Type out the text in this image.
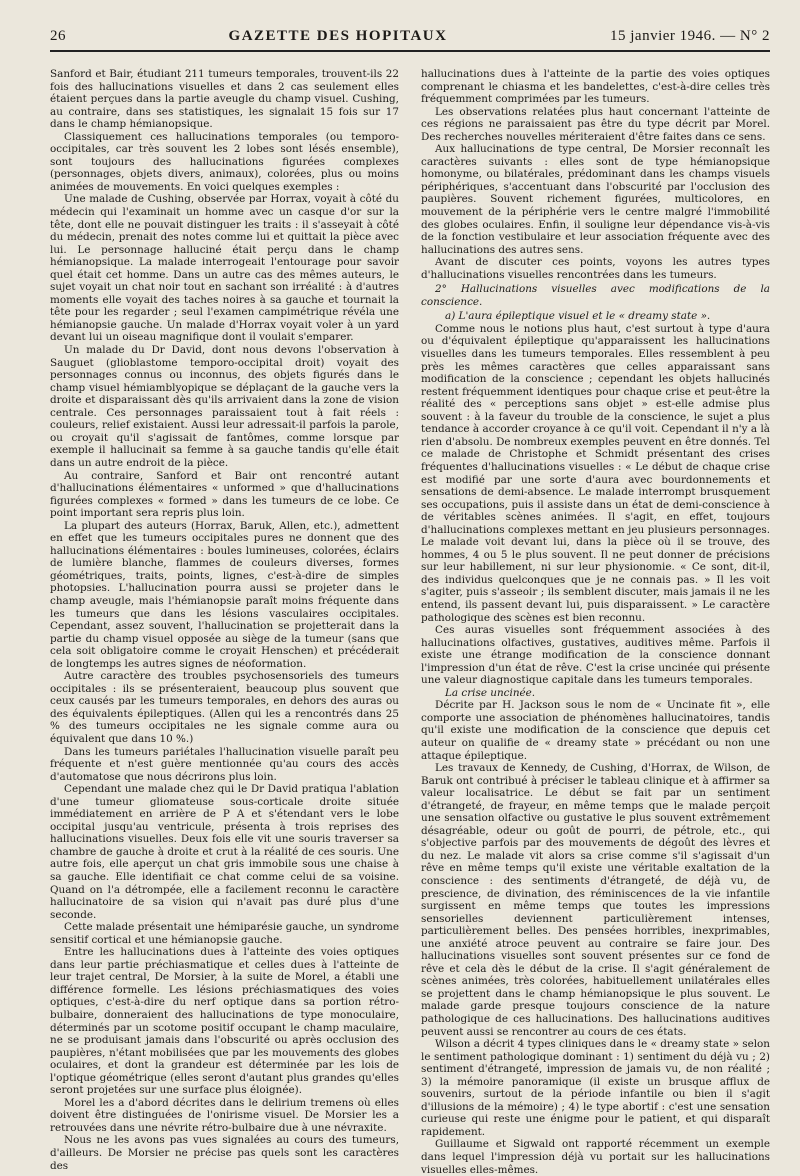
26	GAZETTE DES HOPITAUX	15 janvier 1946. — N° 2

Sanford et Bair, étudiant 211 tumeurs temporales, trouvent-ils 22 fois des hallucinations visuelles et dans 2 cas seulement elles étaient perçues dans la partie aveugle du champ visuel. Cushing, au contraire, dans ses statistiques, les signalait 15 fois sur 17 dans le champ hémianopsique.

Classiquement ces hallucinations temporales (ou temporo-occipitales, car très souvent les 2 lobes sont lésés ensemble), sont toujours des hallucinations figurées complexes (personnages, objets divers, animaux), colorées, plus ou moins animées de mouvements. En voici quelques exemples :

Une malade de Cushing, observée par Horrax, voyait à côté du médecin qui l'examinait un homme avec un casque d'or sur la tête, dont elle ne pouvait distinguer les traits : il s'asseyait à côté du médecin, prenait des notes comme lui et quittait la pièce avec lui. Le personnage halluciné était perçu dans le champ hémianopsique. La malade interrogeait l'entourage pour savoir quel était cet homme. Dans un autre cas des mêmes auteurs, le sujet voyait un chat noir tout en sachant son irréalité : à d'autres moments elle voyait des taches noires à sa gauche et tournait la tête pour les regarder ; seul l'examen campimétrique révéla une hémianopsie gauche. Un malade d'Horrax voyait voler à un yard devant lui un oiseau magnifique dont il voulait s'emparer.

Un malade du Dr David, dont nous devons l'observation à Sauguet (glioblastome temporo-occipital droit) voyait des personnages connus ou inconnus, des objets figurés dans le champ visuel hémiamblyopique se déplaçant de la gauche vers la droite et disparaissant dès qu'ils arrivaient dans la zone de vision centrale. Ces personnages paraissaient tout à fait réels : couleurs, relief existaient. Aussi leur adressait-il parfois la parole, ou croyait qu'il s'agissait de fantômes, comme lorsque par exemple il hallucinait sa femme à sa gauche tandis qu'elle était dans un autre endroit de la pièce.

Au contraire, Sanford et Bair ont rencontré autant d'hallucinations élémentaires « unformed » que d'hallucinations figurées complexes « formed » dans les tumeurs de ce lobe. Ce point important sera repris plus loin.

La plupart des auteurs (Horrax, Baruk, Allen, etc.), admettent en effet que les tumeurs occipitales pures ne donnent que des hallucinations élémentaires : boules lumineuses, colorées, éclairs de lumière blanche, flammes de couleurs diverses, formes géométriques, traits, points, lignes, c'est-à-dire de simples photopsies. L'hallucination pourra aussi se projeter dans le champ aveugle, mais l'hémianopsie paraît moins fréquente dans les tumeurs que dans les lésions vasculaires occipitales. Cependant, assez souvent, l'hallucination se projetterait dans la partie du champ visuel opposée au siège de la tumeur (sans que cela soit obligatoire comme le croyait Henschen) et précéderait de longtemps les autres signes de néoformation.

Autre caractère des troubles psychosensoriels des tumeurs occipitales : ils se présenteraient, beaucoup plus souvent que ceux causés par les tumeurs temporales, en dehors des auras ou des équivalents épileptiques. (Allen qui les a rencontrés dans 25 % des tumeurs occipitales ne les signale comme aura ou équivalent que dans 10 %.)

Dans les tumeurs pariétales l'hallucination visuelle paraît peu fréquente et n'est guère mentionnée qu'au cours des accès d'automatose que nous décrirons plus loin.

Cependant une malade chez qui le Dr David pratiqua l'ablation d'une tumeur gliomateuse sous-corticale droite située immédiatement en arrière de P A et s'étendant vers le lobe occipital jusqu'au ventricule, présenta à trois reprises des hallucinations visuelles. Deux fois elle vit une souris traverser sa chambre de gauche à droite et crut à la réalité de ces souris. Une autre fois, elle aperçut un chat gris immobile sous une chaise à sa gauche. Elle identifiait ce chat comme celui de sa voisine. Quand on l'a détrompée, elle a facilement reconnu le caractère hallucinatoire de sa vision qui n'avait pas duré plus d'une seconde.

Cette malade présentait une hémiparésie gauche, un syndrome sensitif cortical et une hémianopsie gauche.

Entre les hallucinations dues à l'atteinte des voies optiques dans leur partie préchiasmatique et celles dues à l'atteinte de leur trajet central, De Morsier, à la suite de Morel, a établi une différence formelle. Les lésions préchiasmatiques des voies optiques, c'est-à-dire du nerf optique dans sa portion rétro-bulbaire, donneraient des hallucinations de type monoculaire, déterminés par un scotome positif occupant le champ maculaire, ne se produisant jamais dans l'obscurité ou après occlusion des paupières, n'étant mobilisées que par les mouvements des globes oculaires, et dont la grandeur est déterminée par les lois de l'optique géométrique (elles seront d'autant plus grandes qu'elles seront projetées sur une surface plus éloignée).

Morel les a d'abord décrites dans le delirium tremens où elles doivent être distinguées de l'onirisme visuel. De Morsier les a retrouvées dans une névrite rétro-bulbaire due à une névraxite.

Nous ne les avons pas vues signalées au cours des tumeurs, d'ailleurs. De Morsier ne précise pas quels sont les caractères des

hallucinations dues à l'atteinte de la partie des voies optiques comprenant le chiasma et les bandelettes, c'est-à-dire celles très fréquemment comprimées par les tumeurs.

Les observations relatées plus haut concernant l'atteinte de ces régions ne paraissaient pas être du type décrit par Morel. Des recherches nouvelles mériteraient d'être faites dans ce sens.

Aux hallucinations de type central, De Morsier reconnaît les caractères suivants : elles sont de type hémianopsique homonyme, ou bilatérales, prédominant dans les champs visuels périphériques, s'accentuant dans l'obscurité par l'occlusion des paupières. Souvent richement figurées, multicolores, en mouvement de la périphérie vers le centre malgré l'immobilité des globes oculaires. Enfin, il souligne leur dépendance vis-à-vis de la fonction vestibulaire et leur association fréquente avec des hallucinations des autres sens.

Avant de discuter ces points, voyons les autres types d'hallucinations visuelles rencontrées dans les tumeurs.

2° Hallucinations visuelles avec modifications de la conscience.

a) L'aura épileptique visuel et le « dreamy state ».

Comme nous le notions plus haut, c'est surtout à type d'aura ou d'équivalent épileptique qu'apparaissent les hallucinations visuelles dans les tumeurs temporales. Elles ressemblent à peu près les mêmes caractères que celles apparaissant sans modification de la conscience ; cependant les objets hallucinés restent fréquemment identiques pour chaque crise et peut-être la réalité des « perceptions sans objet » est-elle admise plus souvent : à la faveur du trouble de la conscience, le sujet a plus tendance à accorder croyance à ce qu'il voit. Cependant il n'y a là rien d'absolu. De nombreux exemples peuvent en être donnés. Tel ce malade de Christophe et Schmidt présentant des crises fréquentes d'hallucinations visuelles : « Le début de chaque crise est modifié par une sorte d'aura avec bourdonnements et sensations de demi-absence. Le malade interrompt brusquement ses occupations, puis il assiste dans un état de demi-conscience à de véritables scènes animées. Il s'agit, en effet, toujours d'hallucinations complexes mettant en jeu plusieurs personnages. Le malade voit devant lui, dans la pièce où il se trouve, des hommes, 4 ou 5 le plus souvent. Il ne peut donner de précisions sur leur habillement, ni sur leur physionomie. « Ce sont, dit-il, des individus quelconques que je ne connais pas. » Il les voit s'agiter, puis s'asseoir ; ils semblent discuter, mais jamais il ne les entend, ils passent devant lui, puis disparaissent. » Le caractère pathologique des scènes est bien reconnu.

Ces auras visuelles sont fréquemment associées à des hallucinations olfactives, gustatives, auditives même. Parfois il existe une étrange modification de la conscience donnant l'impression d'un état de rêve. C'est la crise uncinée qui présente une valeur diagnostique capitale dans les tumeurs temporales.

La crise uncinée.

Décrite par H. Jackson sous le nom de « Uncinate fit », elle comporte une association de phénomènes hallucinatoires, tandis qu'il existe une modification de la conscience que depuis cet auteur on qualifie de « dreamy state » précédant ou non une attaque épileptique.

Les travaux de Kennedy, de Cushing, d'Horrax, de Wilson, de Baruk ont contribué à préciser le tableau clinique et à affirmer sa valeur localisatrice. Le début se fait par un sentiment d'étrangeté, de frayeur, en même temps que le malade perçoit une sensation olfactive ou gustative le plus souvent extrêmement désagréable, odeur ou goût de pourri, de pétrole, etc., qui s'objective parfois par des mouvements de dégoût des lèvres et du nez. Le malade vit alors sa crise comme s'il s'agissait d'un rêve en même temps qu'il existe une véritable exaltation de la conscience : des sentiments d'étrangeté, de déjà vu, de prescience, de divination, des réminiscences de la vie infantile surgissent en même temps que toutes les impressions sensorielles deviennent particulièrement intenses, particulièrement belles. Des pensées horribles, inexprimables, une anxiété atroce peuvent au contraire se faire jour. Des hallucinations visuelles sont souvent présentes sur ce fond de rêve et cela dès le début de la crise. Il s'agit généralement de scènes animées, très colorées, habituellement unilatérales elles se projettent dans le champ hémianopsique le plus souvent. Le malade garde presque toujours conscience de la nature pathologique de ces hallucinations. Des hallucinations auditives peuvent aussi se rencontrer au cours de ces états.

Wilson a décrit 4 types cliniques dans le « dreamy state » selon le sentiment pathologique dominant : 1) sentiment du déjà vu ; 2) sentiment d'étrangeté, impression de jamais vu, de non réalité ; 3) la mémoire panoramique (il existe un brusque afflux de souvenirs, surtout de la période infantile ou bien il s'agit d'illusions de la mémoire) ; 4) le type abortif : c'est une sensation curieuse qui reste une énigme pour le patient, et qui disparaît rapidement.

Guillaume et Sigwald ont rapporté récemment un exemple dans lequel l'impression déjà vu portait sur les hallucinations visuelles elles-mêmes.
